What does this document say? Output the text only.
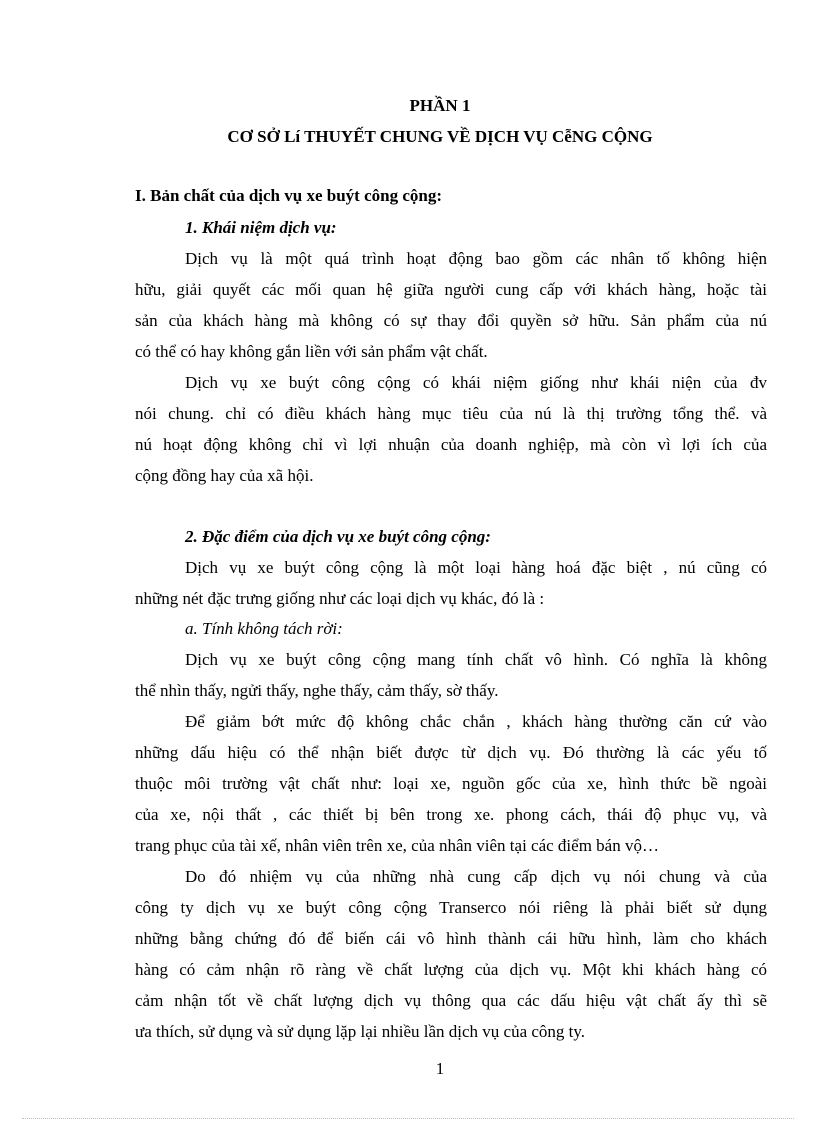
PHẦN 1
CƠ SỞ Lí THUYẾT CHUNG VỀ DỊCH VỤ CễNG CỘNG
I. Bản chất của dịch vụ xe buýt công cộng:
1. Khái niệm dịch vụ:
Dịch vụ là một quá trình hoạt động bao gồm các nhân tố không hiện
hữu, giải quyết các mối quan hệ giữa người cung cấp với khách hàng, hoặc tài
sản của khách hàng mà không có sự thay đổi quyền sở hữu. Sản phẩm của nú
có thể có hay không gắn liền với sản phẩm vật chất.
Dịch vụ xe buýt công cộng có khái niệm giống như khái niện của đv
nói chung. chỉ có điều khách hàng mục tiêu của nú là thị trường tổng thể. và
nú hoạt động không chỉ vì lợi nhuận của doanh nghiệp, mà còn vì lợi ích của
cộng đồng hay của xã hội.
2. Đặc điểm của dịch vụ xe buýt công cộng:
Dịch vụ xe buýt công cộng là một loại hàng hoá đặc biệt , nú cũng có
những nét đặc trưng giống như các loại dịch vụ khác, đó là :
a. Tính không tách rời:
Dịch vụ xe buýt công cộng mang tính chất vô hình. Có nghĩa là không
thể nhìn thấy, ngửi thấy, nghe thấy, cảm thấy, sờ thấy.
Để giảm bớt mức độ không chắc chắn , khách hàng thường căn cứ vào
những dấu hiệu có thể nhận biết được từ dịch vụ. Đó thường là các yếu tố
thuộc môi trường vật chất như: loại xe, nguồn gốc của xe, hình thức bề ngoài
của xe, nội thất , các thiết bị bên trong xe. phong cách, thái độ phục vụ, và
trang phục của tài xế, nhân viên trên xe, của nhân viên tại các điểm bán vộ…
Do đó nhiệm vụ của những nhà cung cấp dịch vụ nói chung và của
công ty dịch vụ xe buýt công cộng Transerco nói riêng là phải biết sử dụng
những bằng chứng đó để biến cái vô hình thành cái hữu hình, làm cho khách
hàng có cảm nhận rõ ràng về chất lượng của dịch vụ. Một khi khách hàng có
cảm nhận tốt về chất lượng dịch vụ thông qua các dấu hiệu vật chất ấy thì sẽ
ưa thích, sử dụng và sử dụng lặp lại nhiều lần dịch vụ của công ty.
1
